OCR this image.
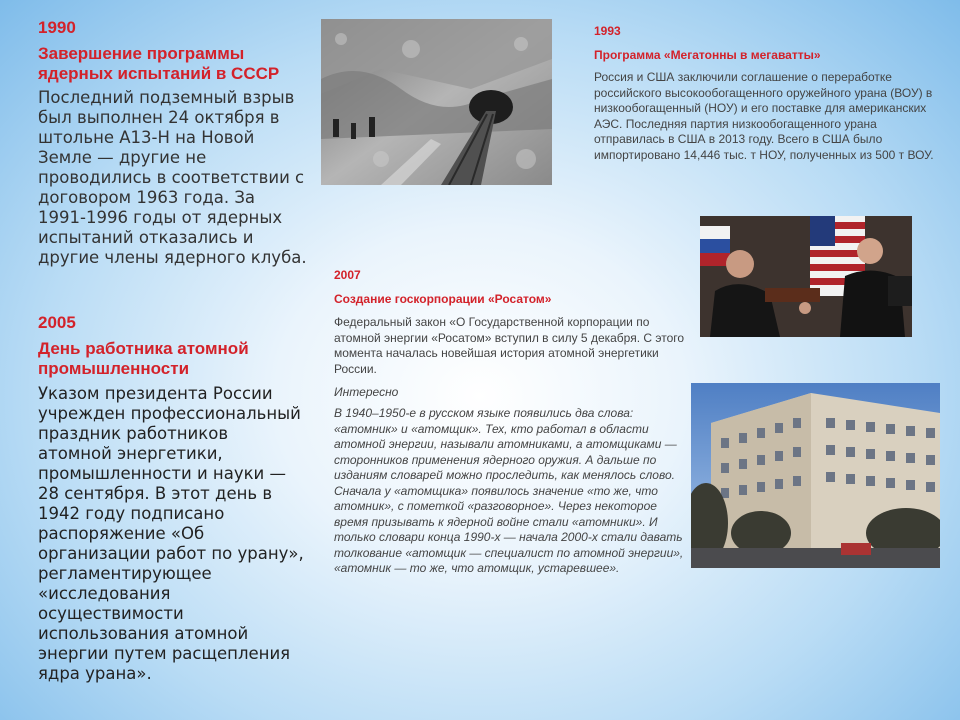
1990

Завершение программы ядерных испытаний в СССР

Последний подземный взрыв был выполнен 24 октября в штольне А13-Н на Новой Земле — другие не проводились в соответствии с договором 1963 года. За 1991-1996 годы от ядерных испытаний отказались и другие члены ядерного клуба.

2005

День работника атомной промышленности

Указом президента России учрежден профессиональный праздник работников атомной энергетики, промышленности и науки — 28 сентября. В этот день в 1942 году подписано распоряжение «Об организации работ по урану», регламентирующее «исследования осуществимости использования атомной энергии путем расщепления ядра урана».

1993

Программа «Мегатонны в мегаватты»

Россия и США заключили соглашение о переработке российского высокообогащенного оружейного урана (ВОУ) в низкообогащенный (НОУ) и его поставке для американских АЭС. Последняя партия низкообогащенного урана отправилась в США в 2013 году. Всего в США было импортировано 14,446 тыс. т НОУ, полученных из 500 т ВОУ.

2007

Создание госкорпорации «Росатом»

Федеральный закон «О Государственной корпорации по атомной энергии «Росатом» вступил в силу 5 декабря. С этого момента началась новейшая история атомной энергетики России.

Интересно

В 1940–1950-е в русском языке появились два слова: «атомник» и «атомщик». Тех, кто работал в области атомной энергии, называли атомниками, а атомщиками — сторонников применения ядерного оружия. А дальше по изданиям словарей можно проследить, как менялось слово. Сначала у «атомщика» появилось значение «то же, что атомник», с пометкой «разговорное». Через некоторое время призывать к ядерной войне стали «атомники». И только словари конца 1990-х — начала 2000-х стали давать толкование «атомщик — специалист по атомной энергии», «атомник — то же, что атомщик, устаревшее».
